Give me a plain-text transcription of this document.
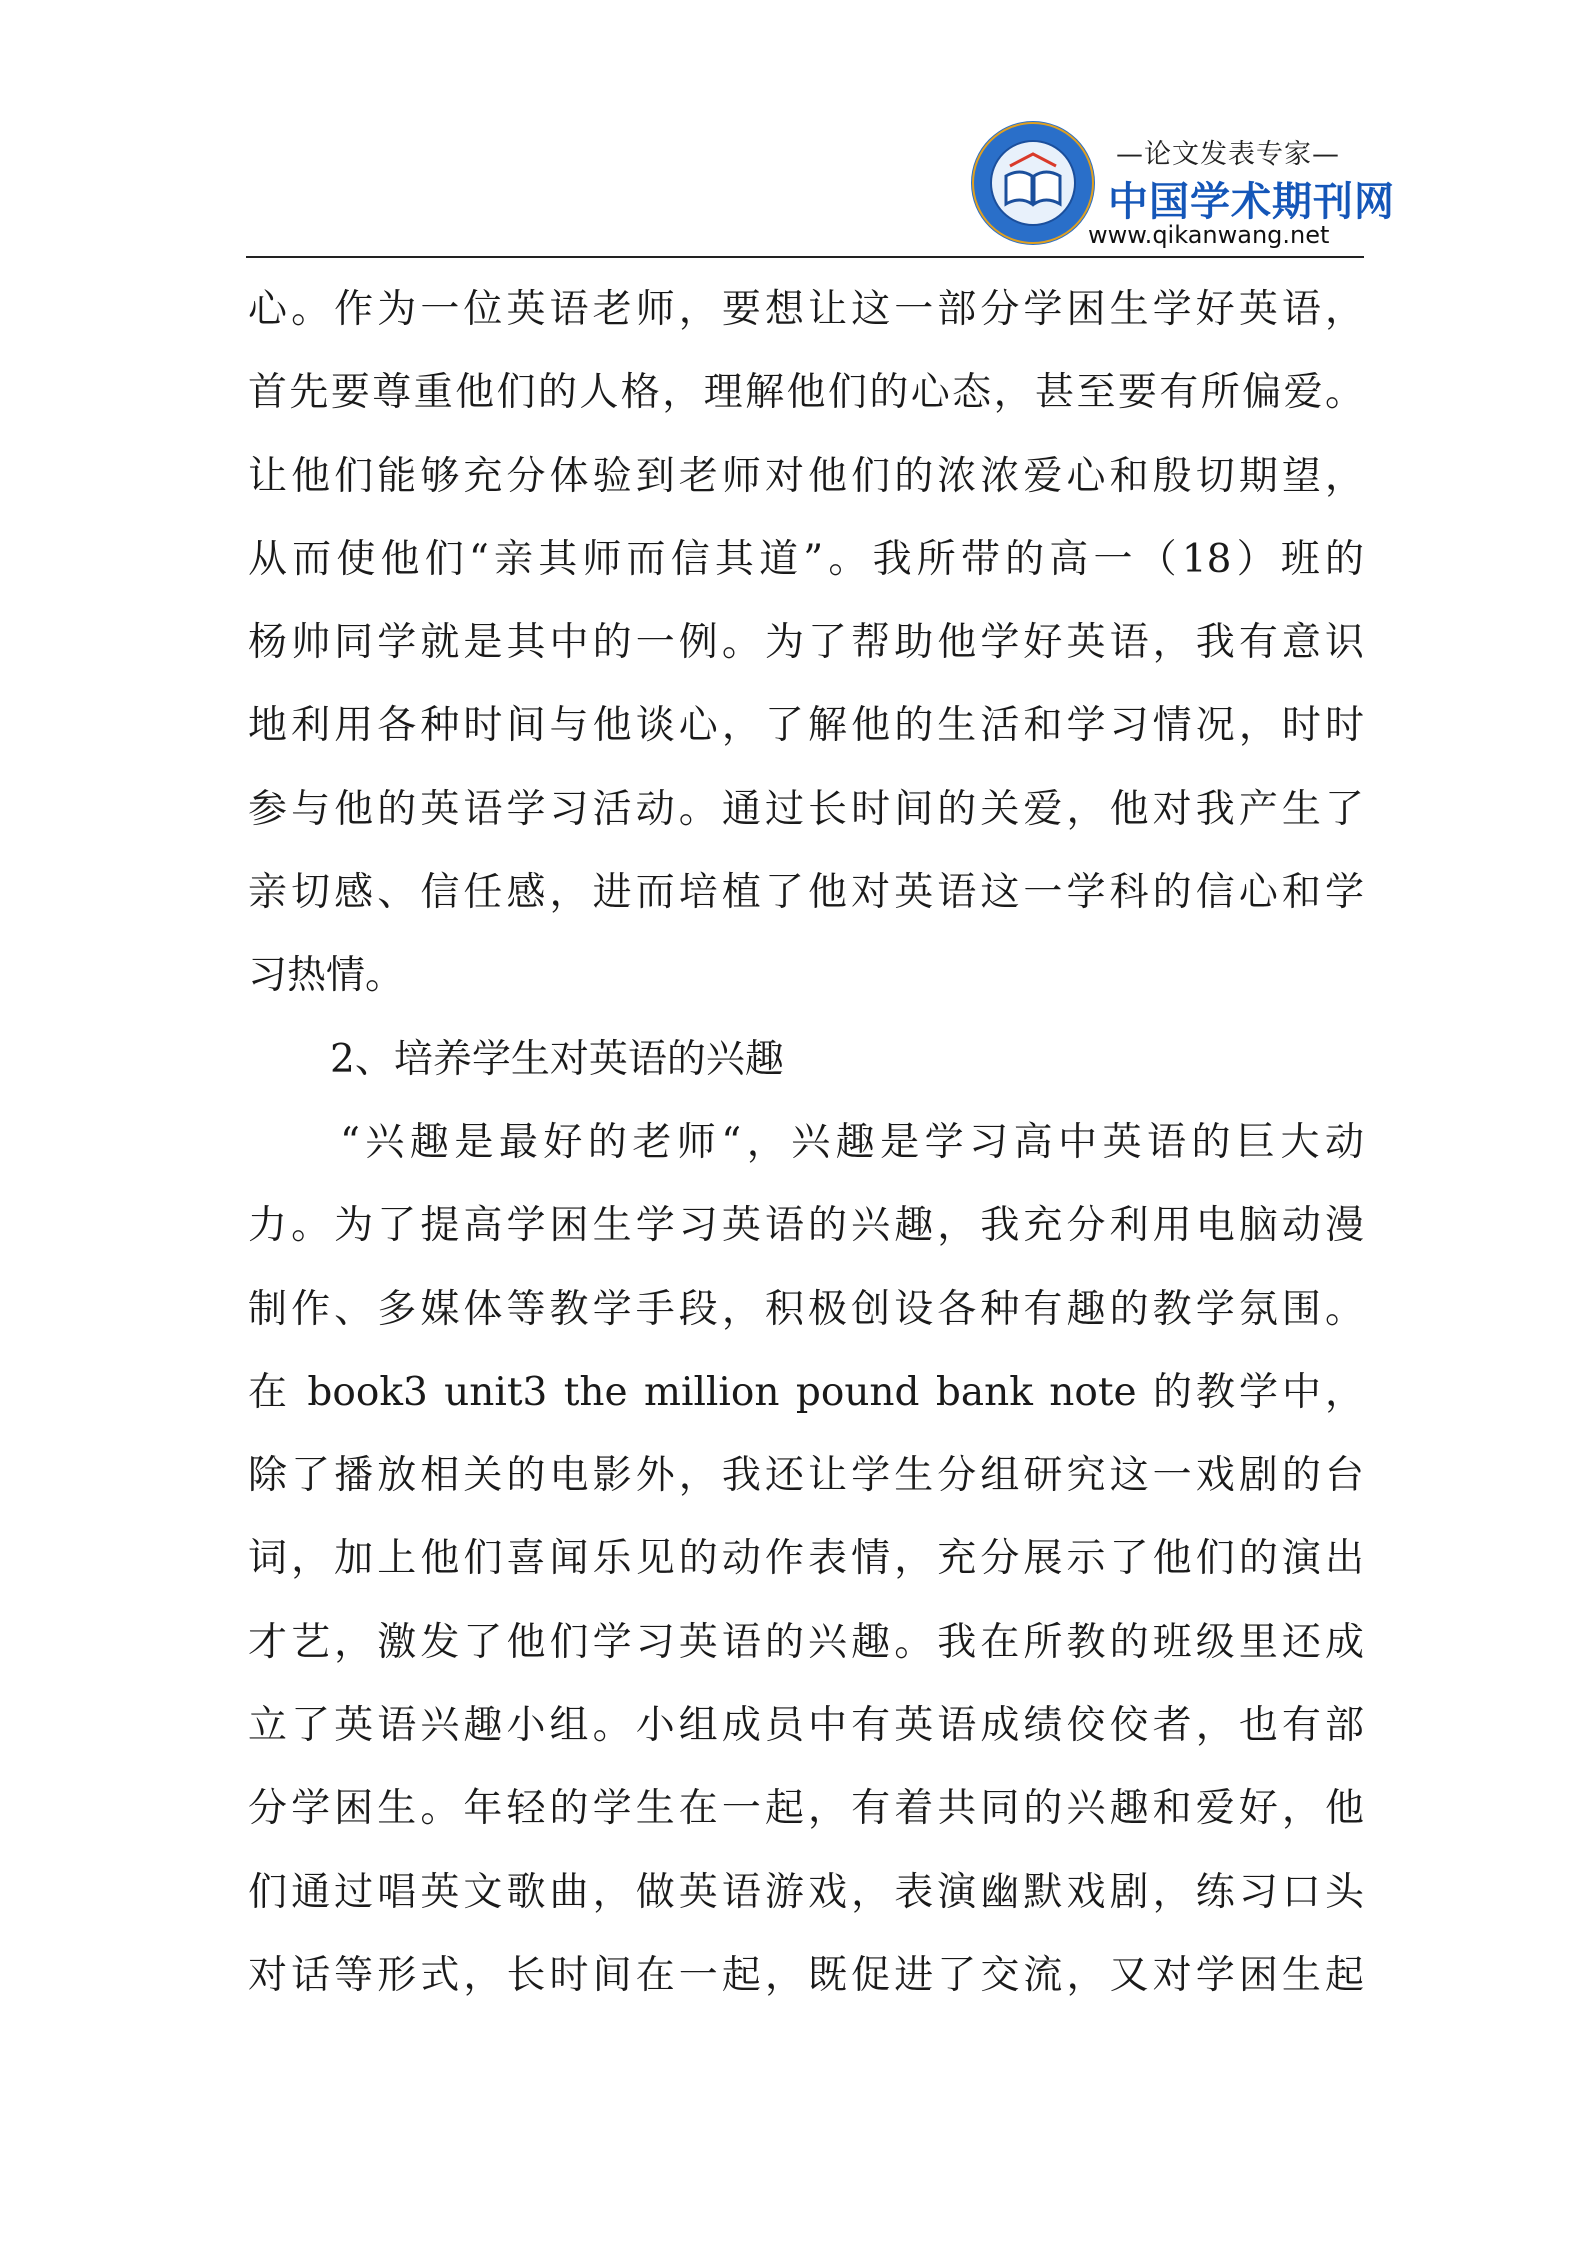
—论文发表专家—
中国学术期刊网
www.qikanwang.net
心。作为一位英语老师，要想让这一部分学困生学好英语，
首先要尊重他们的人格，理解他们的心态，甚至要有所偏爱。
让他们能够充分体验到老师对他们的浓浓爱心和殷切期望，
从而使他们“亲其师而信其道”。我所带的高一（18）班的
杨帅同学就是其中的一例。为了帮助他学好英语，我有意识
地利用各种时间与他谈心，了解他的生活和学习情况，时时
参与他的英语学习活动。通过长时间的关爱，他对我产生了
亲切感、信任感，进而培植了他对英语这一学科的信心和学
习热情。
2、培养学生对英语的兴趣
“兴趣是最好的老师“，兴趣是学习高中英语的巨大动
力。为了提高学困生学习英语的兴趣，我充分利用电脑动漫
制作、多媒体等教学手段，积极创设各种有趣的教学氛围。
在 book3 unit3 the million pound bank note 的教学中，
除了播放相关的电影外，我还让学生分组研究这一戏剧的台
词，加上他们喜闻乐见的动作表情，充分展示了他们的演出
才艺，激发了他们学习英语的兴趣。我在所教的班级里还成
立了英语兴趣小组。小组成员中有英语成绩佼佼者，也有部
分学困生。年轻的学生在一起，有着共同的兴趣和爱好，他
们通过唱英文歌曲，做英语游戏，表演幽默戏剧，练习口头
对话等形式，长时间在一起，既促进了交流，又对学困生起
